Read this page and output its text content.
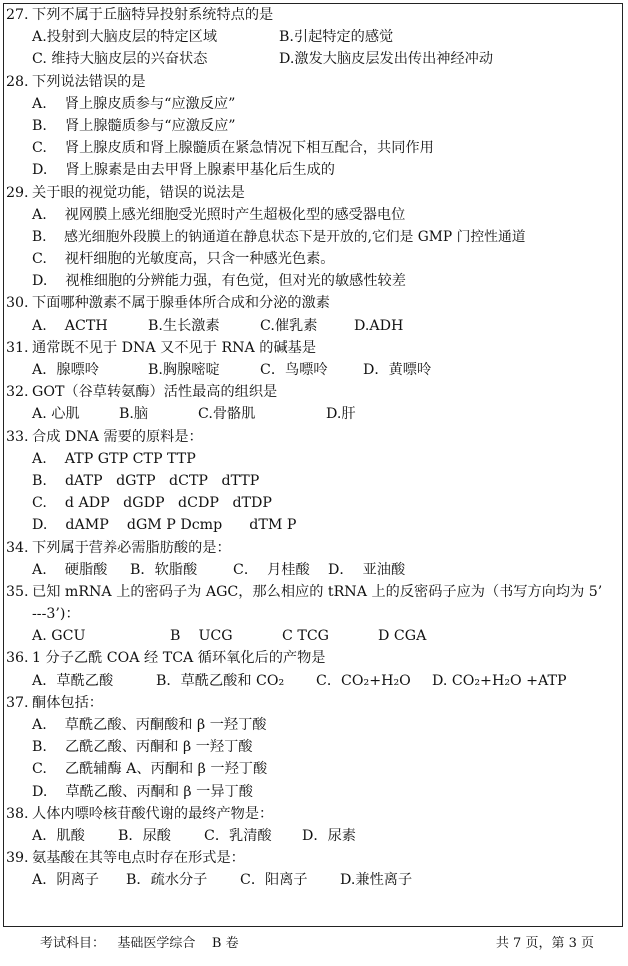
27. 下列不属于丘脑特异投射系统特点的是
A.投射到大脑皮层的特定区域	B.引起特定的感觉
C. 维持大脑皮层的兴奋状态	D.激发大脑皮层发出传出神经冲动
28. 下列说法错误的是
A.    肾上腺皮质参与“应激反应”
B.    肾上腺髓质参与“应激反应”
C.    肾上腺皮质和肾上腺髓质在紧急情况下相互配合，共同作用
D.    肾上腺素是由去甲肾上腺素甲基化后生成的
29. 关于眼的视觉功能，错误的说法是
A.    视网膜上感光细胞受光照时产生超极化型的感受器电位
B.    感光细胞外段膜上的钠通道在静息状态下是开放的,它们是 GMP 门控性通道
C.    视杆细胞的光敏度高，只含一种感光色素。
D.    视椎细胞的分辨能力强，有色觉，但对光的敏感性较差
30. 下面哪种激素不属于腺垂体所合成和分泌的激素
A.    ACTH	B.生长激素	C.催乳素	D.ADH
31. 通常既不见于 DNA 又不见于 RNA 的碱基是
A．腺嘌呤	B.胸腺嘧啶	C．鸟嘌呤	D．黄嘌呤
32. GOT（谷草转氨酶）活性最高的组织是
A. 心肌	B.脑	C.骨骼肌	D.肝
33. 合成 DNA 需要的原料是：
A.    ATP GTP CTP TTP
B.    dATP   dGTP   dCTP   dTTP
C.    d ADP   dGDP   dCDP   dTDP
D.    dAMP    dGM P Dcmp      dTM P
34. 下列属于营养必需脂肪酸的是：
A.    硬脂酸	B．软脂酸	C．  月桂酸	D．  亚油酸
35. 已知 mRNA 上的密码子为 AGC，那么相应的 tRNA 上的反密码子应为（书写方向均为 5’
---3’)：
A. GCU	B    UCG	C TCG	D CGA
36. 1 分子乙酰 COA 经 TCA 循环氧化后的产物是
A．草酰乙酸	B．草酰乙酸和 CO₂	C．CO₂+H₂O	D. CO₂+H₂O +ATP
37. 酮体包括：
A.    草酰乙酸、丙酮酸和 β 一羟丁酸
B.    乙酰乙酸、丙酮和 β 一羟丁酸
C.    乙酰辅酶 A、丙酮和 β 一羟丁酸
D.    草酰乙酸、丙酮和 β 一异丁酸
38. 人体内嘌呤核苷酸代谢的最终产物是：
A．肌酸	B．尿酸	C．乳清酸	D．尿素
39. 氨基酸在其等电点时存在形式是：
A．阴离子	B．疏水分子	C．阳离子	D.兼性离子
考试科目：   基础医学综合    B 卷	共 7 页，第 3 页
